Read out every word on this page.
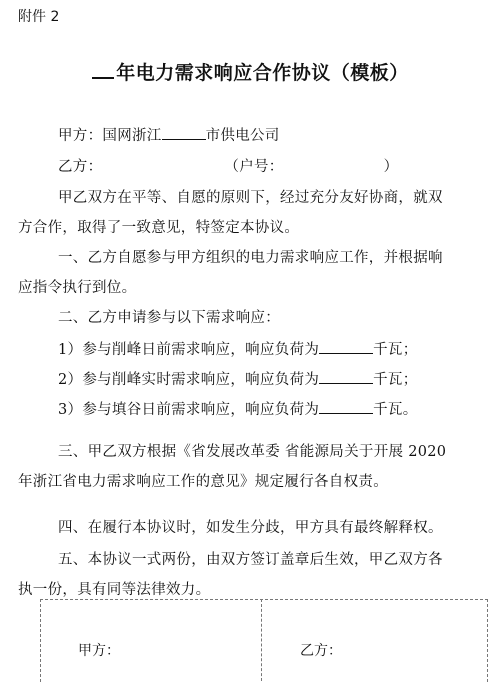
附件 2
年电力需求响应合作协议（模板）
甲方：国网浙江	市供电公司
乙方：	（户号：	）
甲乙双方在平等、自愿的原则下，经过充分友好协商，就双
方合作，取得了一致意见，特签定本协议。
一、乙方自愿参与甲方组织的电力需求响应工作，并根据响
应指令执行到位。
二、乙方申请参与以下需求响应：
1）参与削峰日前需求响应，响应负荷为	千瓦；
2）参与削峰实时需求响应，响应负荷为	千瓦；
3）参与填谷日前需求响应，响应负荷为	千瓦。
三、甲乙双方根据《省发展改革委 省能源局关于开展 2020
年浙江省电力需求响应工作的意见》规定履行各自权责。
四、在履行本协议时，如发生分歧，甲方具有最终解释权。
五、本协议一式两份，由双方签订盖章后生效，甲乙双方各
执一份，具有同等法律效力。
甲方：	乙方：
